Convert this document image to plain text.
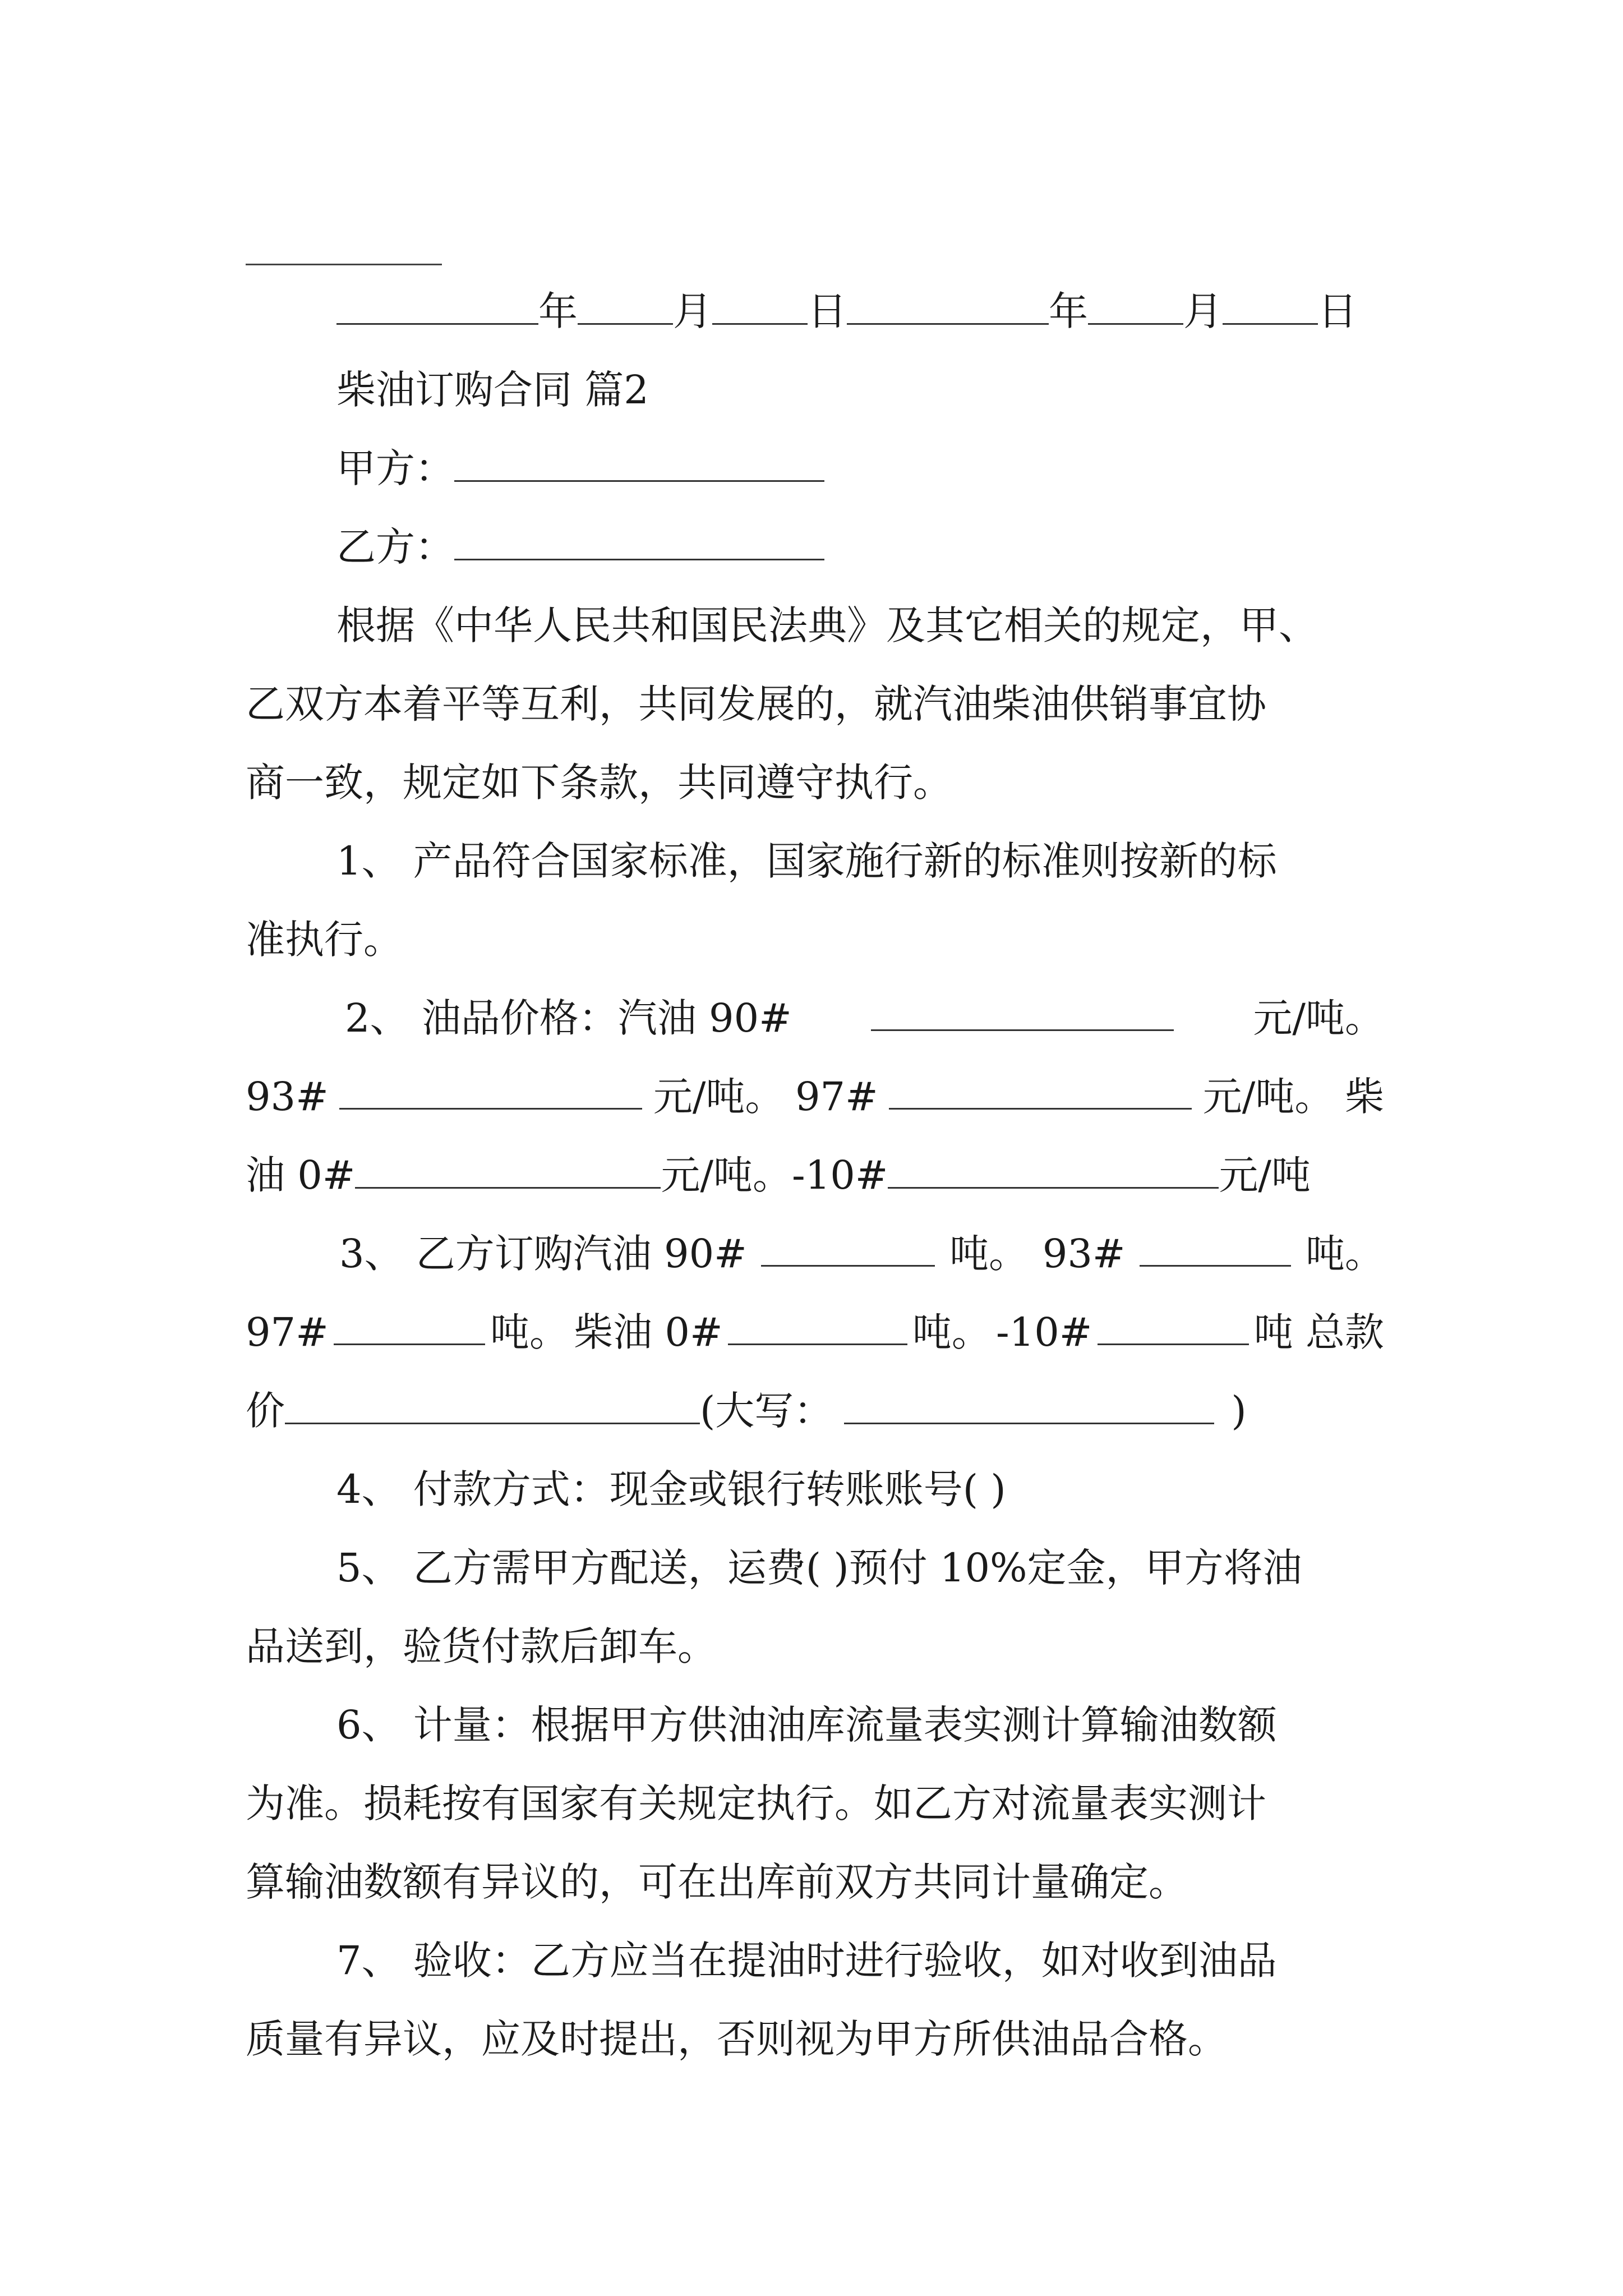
年 月 日	年 月 日
柴油订购合同 篇2
甲方：
乙方：
根据《中华人民共和国民法典》及其它相关的规定，甲、
乙双方本着平等互利，共同发展的，就汽油柴油供销事宜协
商一致，规定如下条款，共同遵守执行。
1、 产品符合国家标准，国家施行新的标准则按新的标
准执行。
2、 油品价格：汽油 90#	元/吨。
93#	元/吨。 97#	元/吨。 柴
油 0#	元/吨。-10#	元/吨
3、 乙方订购汽油 90#	吨。 93#	吨。
97#	吨。 柴油 0#	吨。 -10#	吨 总款
价	(大写：	)
4、 付款方式：现金或银行转账账号( )
5、 乙方需甲方配送，运费( )预付 10%定金，甲方将油
品送到，验货付款后卸车。
6、 计量：根据甲方供油油库流量表实测计算输油数额
为准。损耗按有国家有关规定执行。如乙方对流量表实测计
算输油数额有异议的，可在出库前双方共同计量确定。
7、 验收：乙方应当在提油时进行验收，如对收到油品
质量有异议，应及时提出，否则视为甲方所供油品合格。
